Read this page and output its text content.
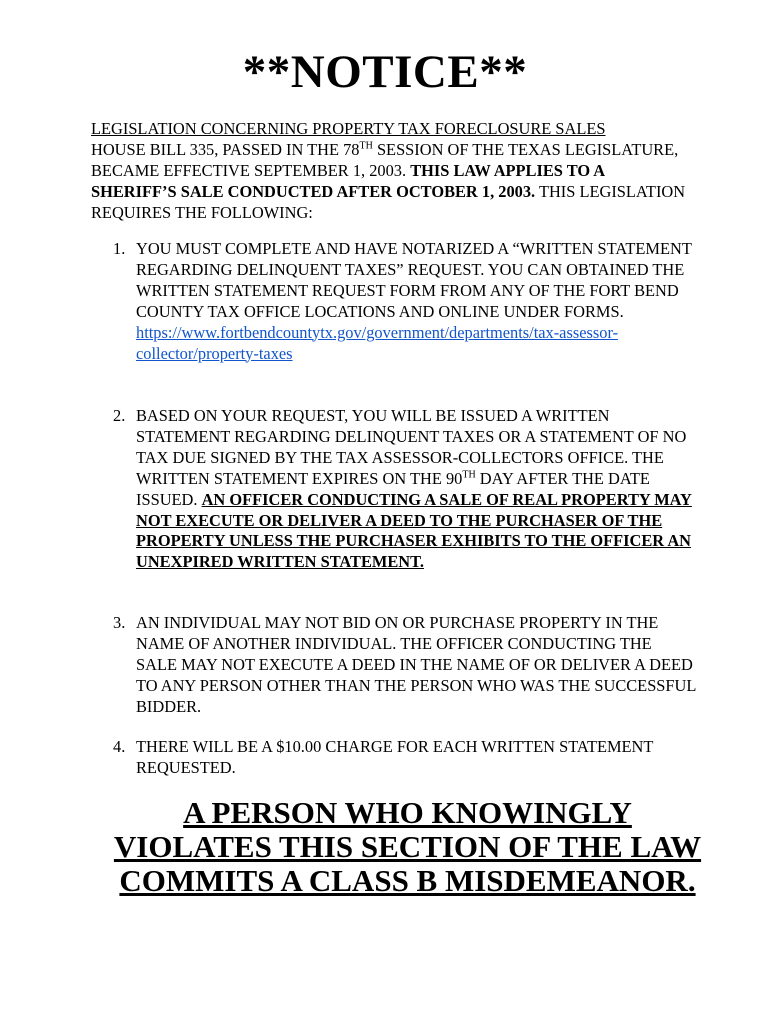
**NOTICE**
LEGISLATION CONCERNING PROPERTY TAX FORECLOSURE SALES
HOUSE BILL 335, PASSED IN THE 78TH SESSION OF THE TEXAS LEGISLATURE, BECAME EFFECTIVE SEPTEMBER 1, 2003. THIS LAW APPLIES TO A SHERIFF’S SALE CONDUCTED AFTER OCTOBER 1, 2003. THIS LEGISLATION REQUIRES THE FOLLOWING:
1. YOU MUST COMPLETE AND HAVE NOTARIZED A “WRITTEN STATEMENT REGARDING DELINQUENT TAXES” REQUEST. YOU CAN OBTAINED THE WRITTEN STATEMENT REQUEST FORM FROM ANY OF THE FORT BEND COUNTY TAX OFFICE LOCATIONS AND ONLINE UNDER FORMS.
https://www.fortbendcountytx.gov/government/departments/tax-assessor-collector/property-taxes
2. BASED ON YOUR REQUEST, YOU WILL BE ISSUED A WRITTEN STATEMENT REGARDING DELINQUENT TAXES OR A STATEMENT OF NO TAX DUE SIGNED BY THE TAX ASSESSOR-COLLECTORS OFFICE. THE WRITTEN STATEMENT EXPIRES ON THE 90TH DAY AFTER THE DATE ISSUED. AN OFFICER CONDUCTING A SALE OF REAL PROPERTY MAY NOT EXECUTE OR DELIVER A DEED TO THE PURCHASER OF THE PROPERTY UNLESS THE PURCHASER EXHIBITS TO THE OFFICER AN UNEXPIRED WRITTEN STATEMENT.
3. AN INDIVIDUAL MAY NOT BID ON OR PURCHASE PROPERTY IN THE NAME OF ANOTHER INDIVIDUAL. THE OFFICER CONDUCTING THE SALE MAY NOT EXECUTE A DEED IN THE NAME OF OR DELIVER A DEED TO ANY PERSON OTHER THAN THE PERSON WHO WAS THE SUCCESSFUL BIDDER.
4. THERE WILL BE A $10.00 CHARGE FOR EACH WRITTEN STATEMENT REQUESTED.
A PERSON WHO KNOWINGLY
VIOLATES THIS SECTION OF THE LAW
COMMITS A CLASS B MISDEMEANOR.
